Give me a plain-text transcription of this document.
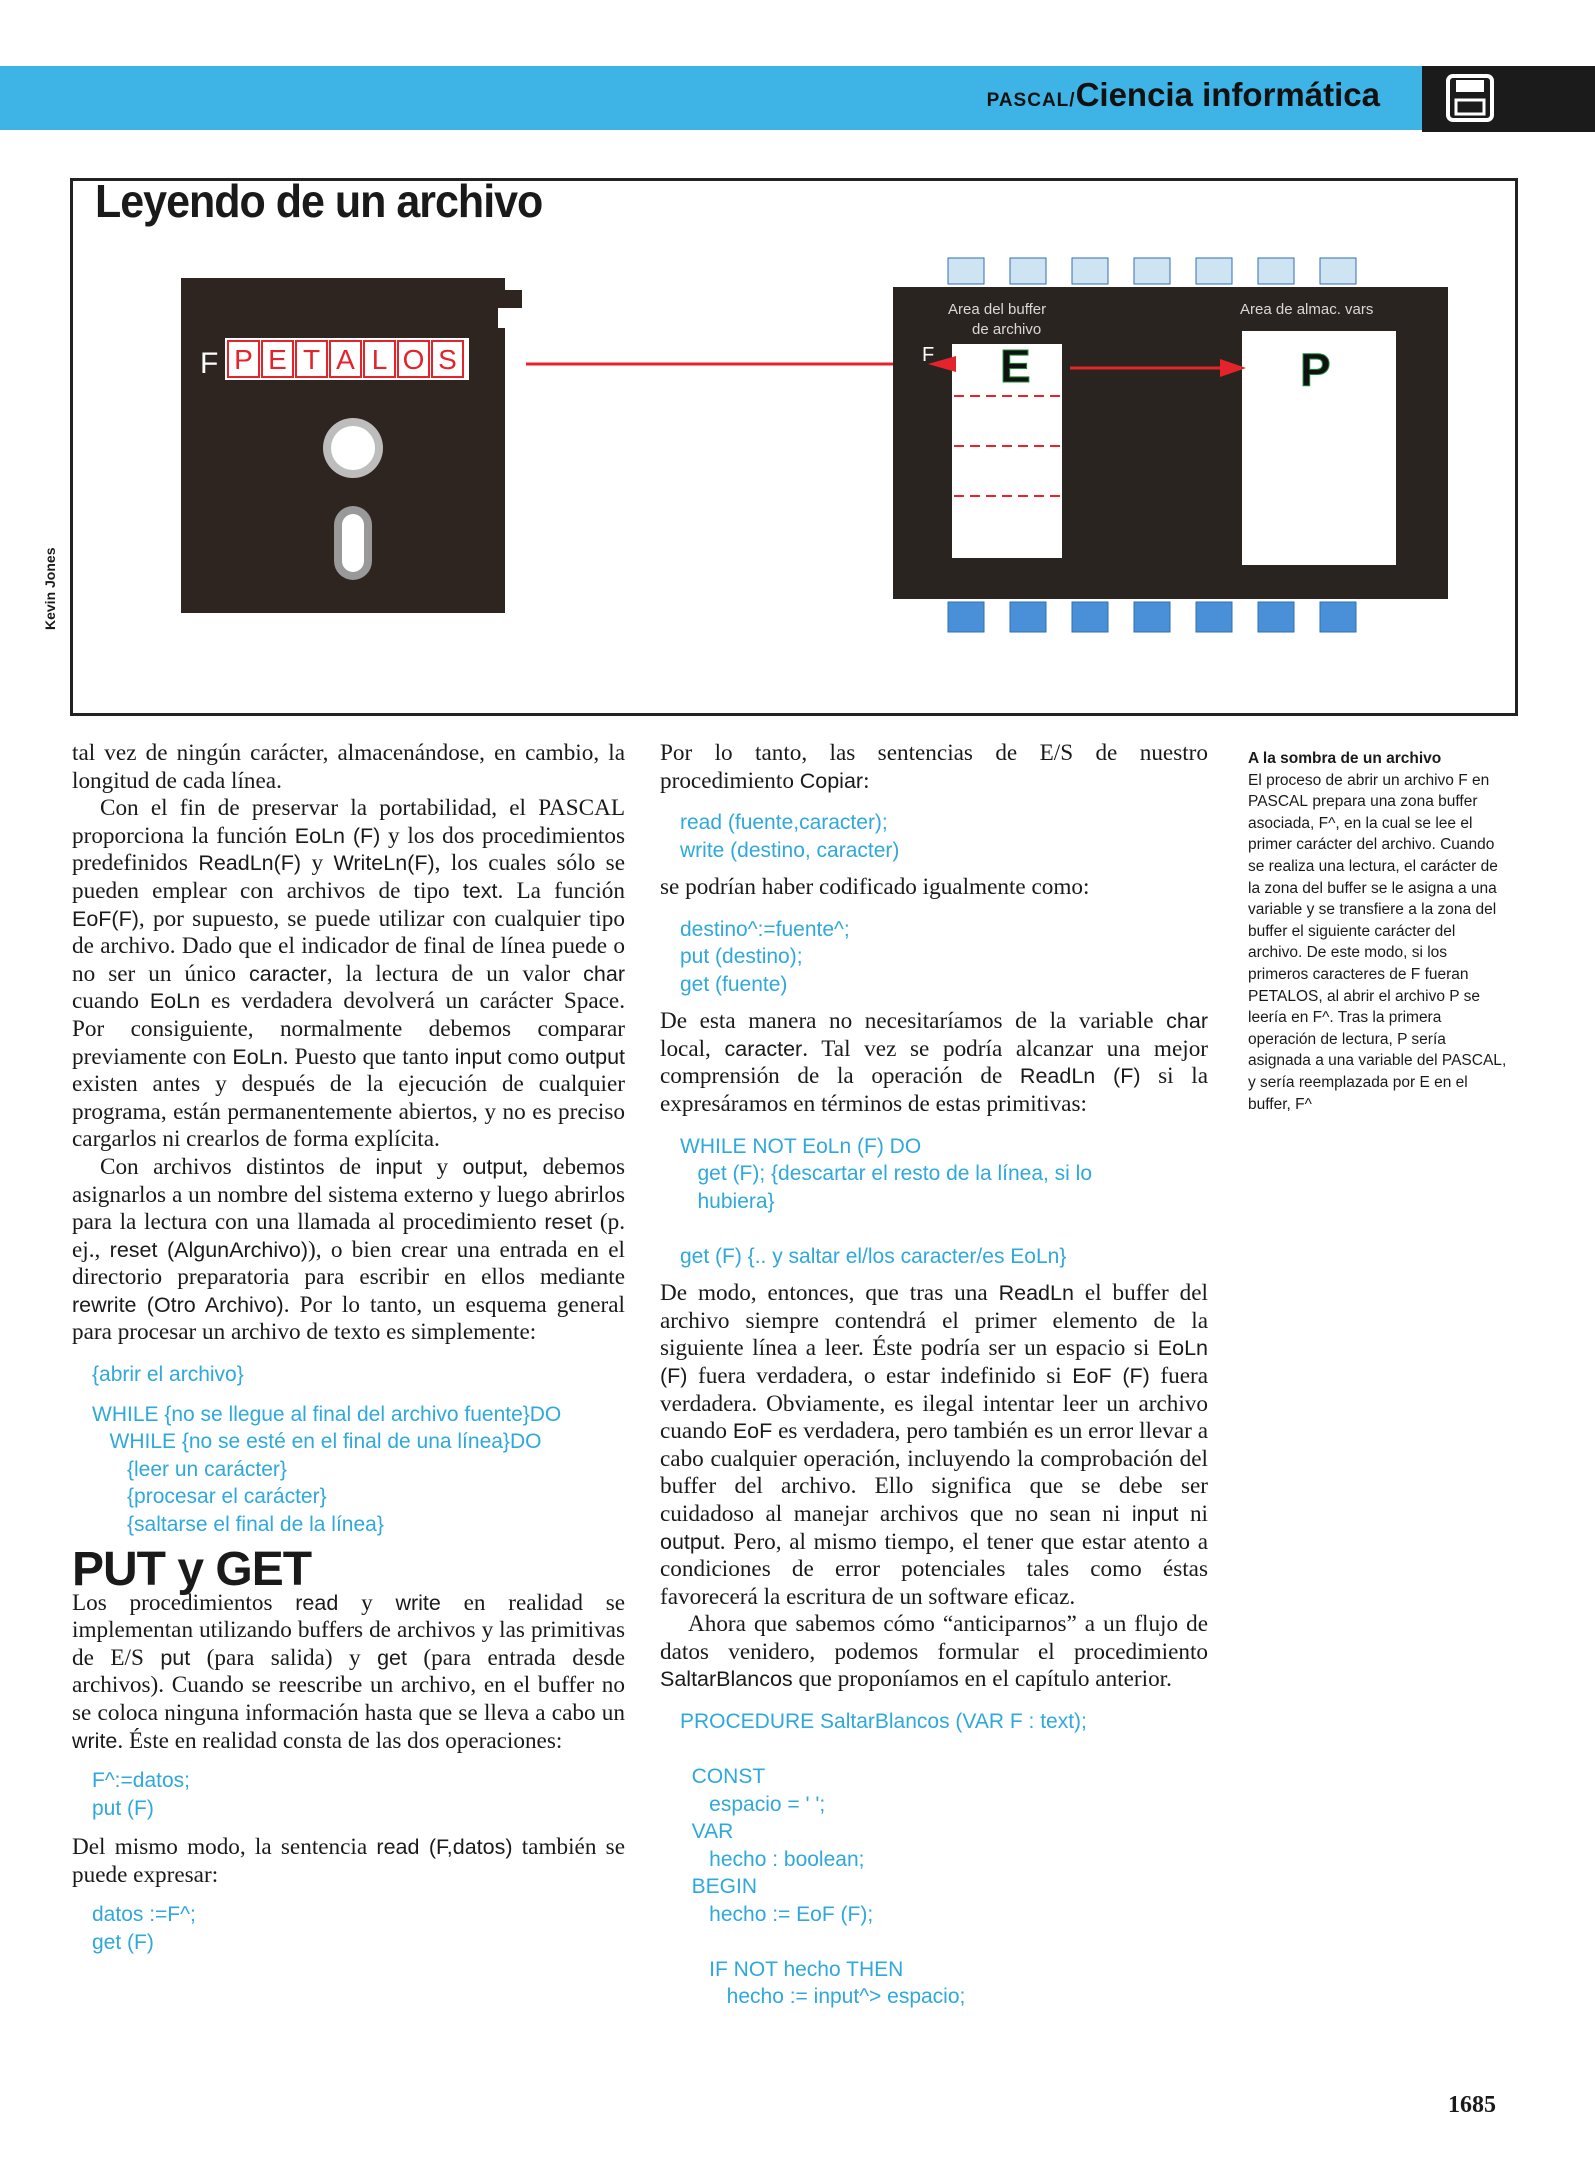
PASCAL/Ciencia informática
Leyendo de un archivo
Kevin Jones
F P E T A L O S
Area del buffer
de archivo
Area de almac. vars
F E	P

tal vez de ningún carácter, almacenándose, en cambio, la longitud de cada línea.

Con el fin de preservar la portabilidad, el PASCAL proporciona la función EoLn (F) y los dos procedimientos predefinidos ReadLn(F) y WriteLn(F), los cuales sólo se pueden emplear con archivos de tipo text. La función EoF(F), por supuesto, se puede utilizar con cualquier tipo de archivo. Dado que el indicador de final de línea puede o no ser un único caracter, la lectura de un valor char cuando EoLn es verdadera devolverá un carácter Space. Por consiguiente, normalmente debemos comparar previamente con EoLn. Puesto que tanto input como output existen antes y después de la ejecución de cualquier programa, están permanentemente abiertos, y no es preciso cargarlos ni crearlos de forma explícita.

Con archivos distintos de input y output, debemos asignarlos a un nombre del sistema externo y luego abrirlos para la lectura con una llamada al procedimiento reset (p. ej., reset (AlgunArchivo)), o bien crear una entrada en el directorio preparatoria para escribir en ellos mediante rewrite (Otro Archivo). Por lo tanto, un esquema general para procesar un archivo de texto es simplemente:

{abrir el archivo}
WHILE {no se llegue al final del archivo fuente}DO
WHILE {no se esté en el final de una línea}DO
{leer un carácter}
{procesar el carácter}
{saltarse el final de la línea}
PUT y GET

Los procedimientos read y write en realidad se implementan utilizando buffers de archivos y las primitivas de E/S put (para salida) y get (para entrada desde archivos). Cuando se reescribe un archivo, en el buffer no se coloca ninguna información hasta que se lleva a cabo un write. Éste en realidad consta de las dos operaciones:

F^:=datos;
put (F)

Del mismo modo, la sentencia read (F,datos) también se puede expresar:

datos :=F^;
get (F)

Por lo tanto, las sentencias de E/S de nuestro procedimiento Copiar:

read (fuente,caracter);
write (destino, caracter)

se podrían haber codificado igualmente como:

destino^:=fuente^;
put (destino);
get (fuente)

De esta manera no necesitaríamos de la variable char local, caracter. Tal vez se podría alcanzar una mejor comprensión de la operación de ReadLn (F) si la expresáramos en términos de estas primitivas:

WHILE NOT EoLn (F) DO
get (F); {descartar el resto de la línea, si lo
hubiera}

get (F) {.. y saltar el/los caracter/es EoLn}

De modo, entonces, que tras una ReadLn el buffer del archivo siempre contendrá el primer elemento de la siguiente línea a leer. Éste podría ser un espacio si EoLn (F) fuera verdadera, o estar indefinido si EoF (F) fuera verdadera. Obviamente, es ilegal intentar leer un archivo cuando EoF es verdadera, pero también es un error llevar a cabo cualquier operación, incluyendo la comprobación del buffer del archivo. Ello significa que se debe ser cuidadoso al manejar archivos que no sean ni input ni output. Pero, al mismo tiempo, el tener que estar atento a condiciones de error potenciales tales como éstas favorecerá la escritura de un software eficaz.

Ahora que sabemos cómo “anticiparnos” a un flujo de datos venidero, podemos formular el procedimiento SaltarBlancos que proponíamos en el capítulo anterior.

PROCEDURE SaltarBlancos (VAR F : text);

CONST
espacio = ' ';
VAR
hecho : boolean;
BEGIN
hecho := EoF (F);

IF NOT hecho THEN
hecho := input^> espacio;
A la sombra de un archivo
El proceso de abrir un archivo F en PASCAL prepara una zona buffer asociada, F^, en la cual se lee el primer carácter del archivo. Cuando se realiza una lectura, el carácter de la zona del buffer se le asigna a una variable y se transfiere a la zona del buffer el siguiente carácter del archivo. De este modo, si los primeros caracteres de F fueran PETALOS, al abrir el archivo P se leería en F^. Tras la primera operación de lectura, P sería asignada a una variable del PASCAL, y sería reemplazada por E en el buffer, F^
1685
